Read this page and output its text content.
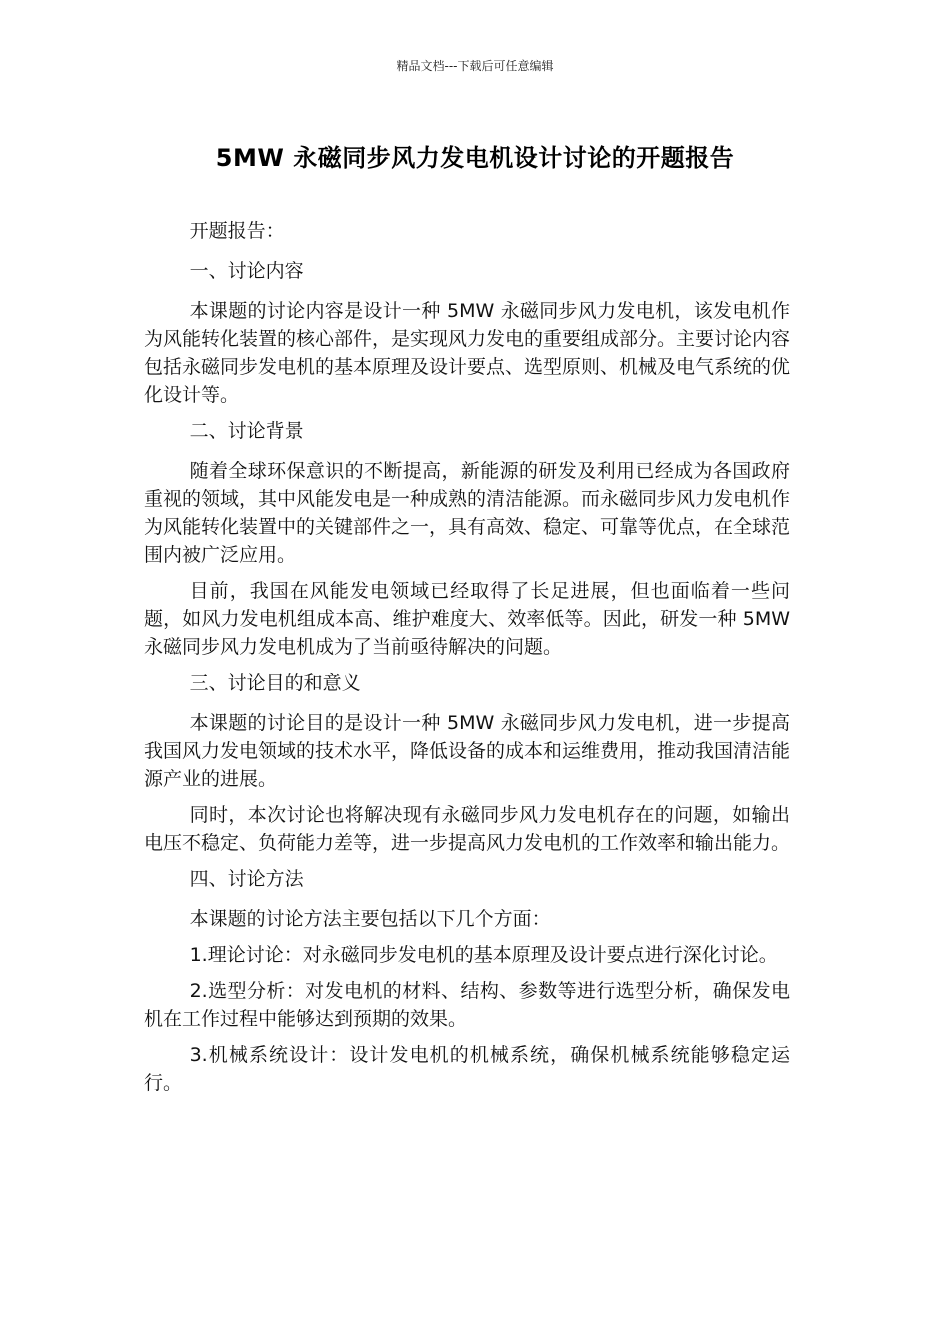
精品文档---下载后可任意编辑
5MW 永磁同步风力发电机设计讨论的开题报告

开题报告：

一、讨论内容

本课题的讨论内容是设计一种 5MW 永磁同步风力发电机，该发电机作为风能转化装置的核心部件，是实现风力发电的重要组成部分。主要讨论内容包括永磁同步发电机的基本原理及设计要点、选型原则、机械及电气系统的优化设计等。

二、讨论背景

随着全球环保意识的不断提高，新能源的研发及利用已经成为各国政府重视的领域，其中风能发电是一种成熟的清洁能源。而永磁同步风力发电机作为风能转化装置中的关键部件之一，具有高效、稳定、可靠等优点，在全球范围内被广泛应用。

目前，我国在风能发电领域已经取得了长足进展，但也面临着一些问题，如风力发电机组成本高、维护难度大、效率低等。因此，研发一种 5MW 永磁同步风力发电机成为了当前亟待解决的问题。

三、讨论目的和意义

本课题的讨论目的是设计一种 5MW 永磁同步风力发电机，进一步提高我国风力发电领域的技术水平，降低设备的成本和运维费用，推动我国清洁能源产业的进展。

同时，本次讨论也将解决现有永磁同步风力发电机存在的问题，如输出电压不稳定、负荷能力差等，进一步提高风力发电机的工作效率和输出能力。

四、讨论方法

本课题的讨论方法主要包括以下几个方面：

1.理论讨论：对永磁同步发电机的基本原理及设计要点进行深化讨论。

2.选型分析：对发电机的材料、结构、参数等进行选型分析，确保发电机在工作过程中能够达到预期的效果。

3.机械系统设计：设计发电机的机械系统，确保机械系统能够稳定运行。
